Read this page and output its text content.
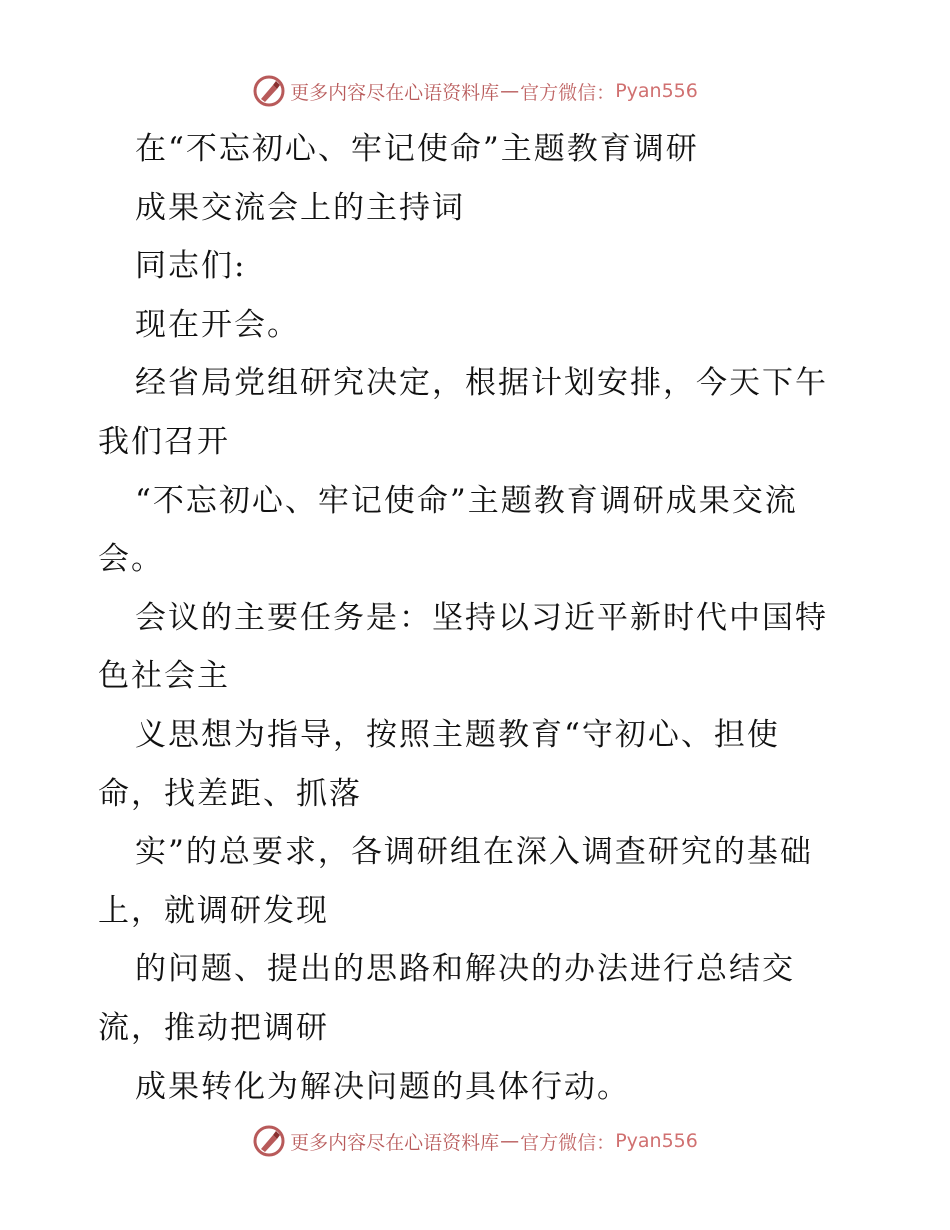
更多内容尽在心语资料库 — 官方微信： Pyan556
在“不忘初心、牢记使命”主题教育调研
成果交流会上的主持词
同志们:
现在开会。
经省局党组研究决定，根据计划安排，今天下午
我们召开
“不忘初心、牢记使命”主题教育调研成果交流
会。
会议的主要任务是：坚持以习近平新时代中国特
色社会主
义思想为指导，按照主题教育“守初心、担使
命，找差距、抓落
实”的总要求，各调研组在深入调查研究的基础
上，就调研发现
的问题、提出的思路和解决的办法进行总结交
流，推动把调研
成果转化为解决问题的具体行动。
更多内容尽在心语资料库 — 官方微信： Pyan556
